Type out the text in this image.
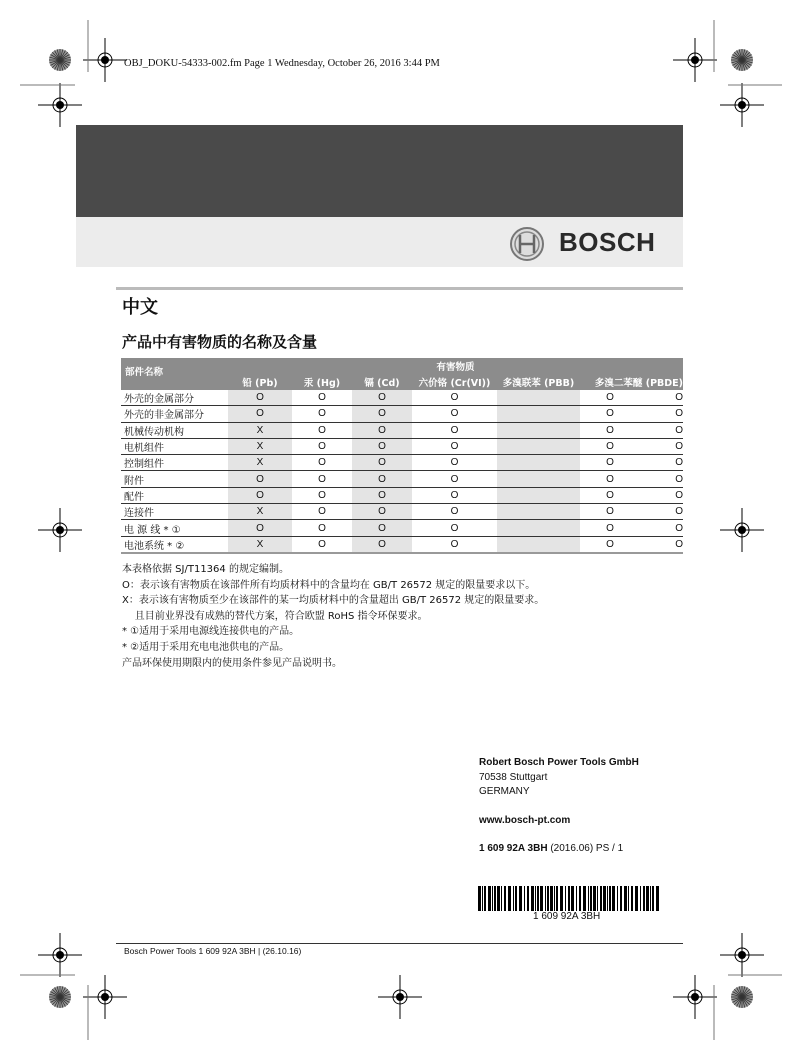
OBJ_DOKU-54333-002.fm Page 1 Wednesday, October 26, 2016 3:44 PM
BOSCH
中文
产品中有害物质的名称及含量
部件名称	有害物质						
	铅 (Pb)	汞 (Hg)	镉 (Cd)	六价铬 (Cr(VI))	多溴联苯 (PBB)	多溴二苯醚 (PBDE)	
外壳的金属部分	O	O	O	O		O	O
外壳的非金属部分	O	O	O	O		O	O
机械传动机构	X	O	O	O		O	O
电机组件	X	O	O	O		O	O
控制组件	X	O	O	O		O	O
附件	O	O	O	O		O	O
配件	O	O	O	O		O	O
连接件	X	O	O	O		O	O
电 源 线 * ①	O	O	O	O		O	O
电池系统 * ②	X	O	O	O		O	O
本表格依据 SJ/T11364 的规定编制。
O：表示该有害物质在该部件所有均质材料中的含量均在 GB/T 26572 规定的限量要求以下。
X：表示该有害物质至少在该部件的某一均质材料中的含量超出 GB/T 26572 规定的限量要求。
且目前业界没有成熟的替代方案，符合欧盟 RoHS 指令环保要求。
* ①适用于采用电源线连接供电的产品。
* ②适用于采用充电电池供电的产品。
产品环保使用期限内的使用条件参见产品说明书。
Robert Bosch Power Tools GmbH
70538 Stuttgart
GERMANY
www.bosch-pt.com
1 609 92A 3BH (2016.06) PS / 1
1 609 92A 3BH
Bosch Power Tools 1 609 92A 3BH | (26.10.16)
